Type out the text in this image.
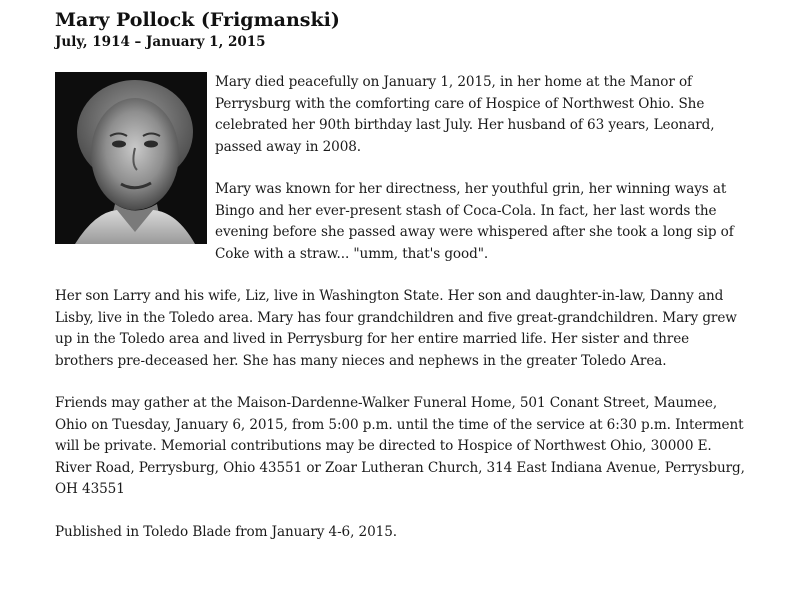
Mary Pollock (Frigmanski)
July, 1914 – January 1, 2015

Mary died peacefully on January 1, 2015, in her home at the Manor of Perrysburg with the comforting care of Hospice of Northwest Ohio. She celebrated her 90th birthday last July. Her husband of 63 years, Leonard, passed away in 2008.

Mary was known for her directness, her youthful grin, her winning ways at Bingo and her ever-present stash of Coca-Cola. In fact, her last words the evening before she passed away were whispered after she took a long sip of Coke with a straw... "umm, that's good".

Her son Larry and his wife, Liz, live in Washington State. Her son and daughter-in-law, Danny and Lisby, live in the Toledo area. Mary has four grandchildren and five great-grandchildren. Mary grew up in the Toledo area and lived in Perrysburg for her entire married life. Her sister and three brothers pre-deceased her. She has many nieces and nephews in the greater Toledo Area.

Friends may gather at the Maison-Dardenne-Walker Funeral Home, 501 Conant Street, Maumee, Ohio on Tuesday, January 6, 2015, from 5:00 p.m. until the time of the service at 6:30 p.m. Interment will be private. Memorial contributions may be directed to Hospice of Northwest Ohio, 30000 E. River Road, Perrysburg, Ohio 43551 or Zoar Lutheran Church, 314 East Indiana Avenue, Perrysburg, OH 43551

Published in Toledo Blade from January 4-6, 2015.
